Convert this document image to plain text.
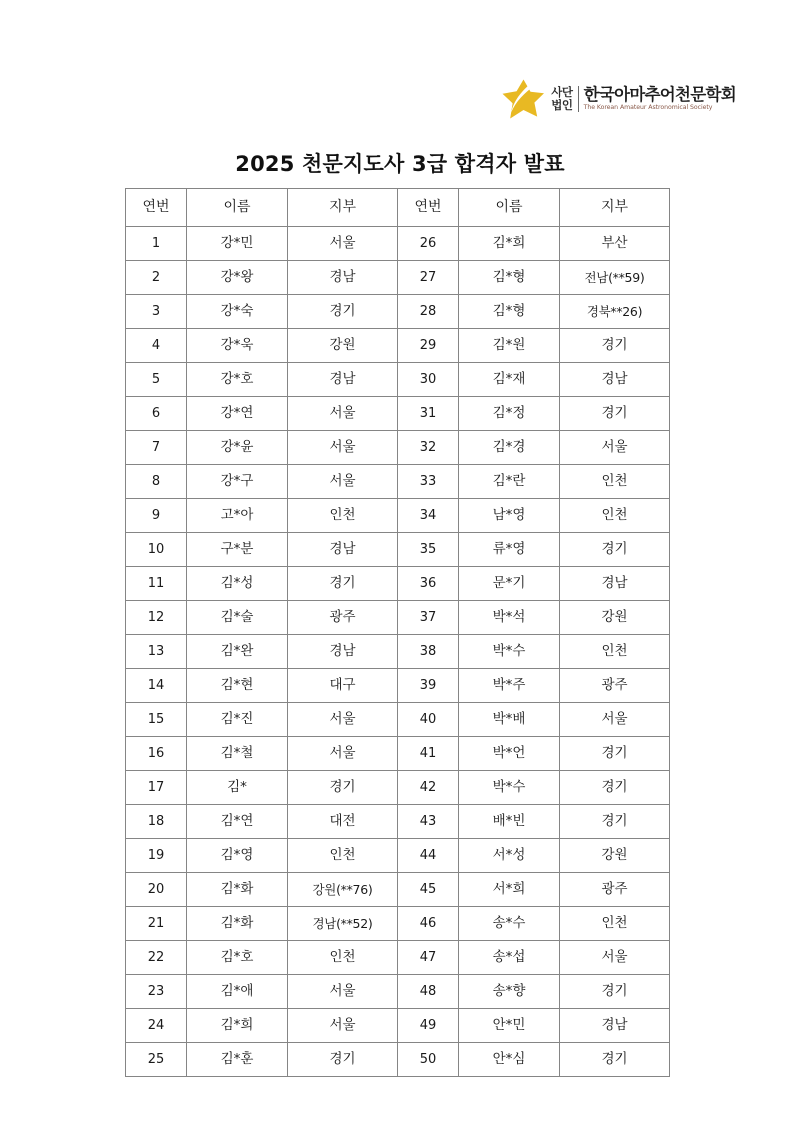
사단
법인
한국아마추어천문학회
The Korean Amateur Astronomical Society
2025 천문지도사 3급 합격자 발표
연번	이름	지부	연번	이름	지부
1	강*민	서울	26	김*희	부산
2	강*왕	경남	27	김*형	전남(**59)
3	강*숙	경기	28	김*형	경북**26)
4	강*욱	강원	29	김*원	경기
5	강*호	경남	30	김*재	경남
6	강*연	서울	31	김*정	경기
7	강*윤	서울	32	김*경	서울
8	강*구	서울	33	김*란	인천
9	고*아	인천	34	남*영	인천
10	구*분	경남	35	류*영	경기
11	김*성	경기	36	문*기	경남
12	김*술	광주	37	박*석	강원
13	김*완	경남	38	박*수	인천
14	김*현	대구	39	박*주	광주
15	김*진	서울	40	박*배	서울
16	김*철	서울	41	박*언	경기
17	김*	경기	42	박*수	경기
18	김*연	대전	43	배*빈	경기
19	김*영	인천	44	서*성	강원
20	김*화	강원(**76)	45	서*희	광주
21	김*화	경남(**52)	46	송*수	인천
22	김*호	인천	47	송*섭	서울
23	김*애	서울	48	송*향	경기
24	김*희	서울	49	안*민	경남
25	김*훈	경기	50	안*심	경기
